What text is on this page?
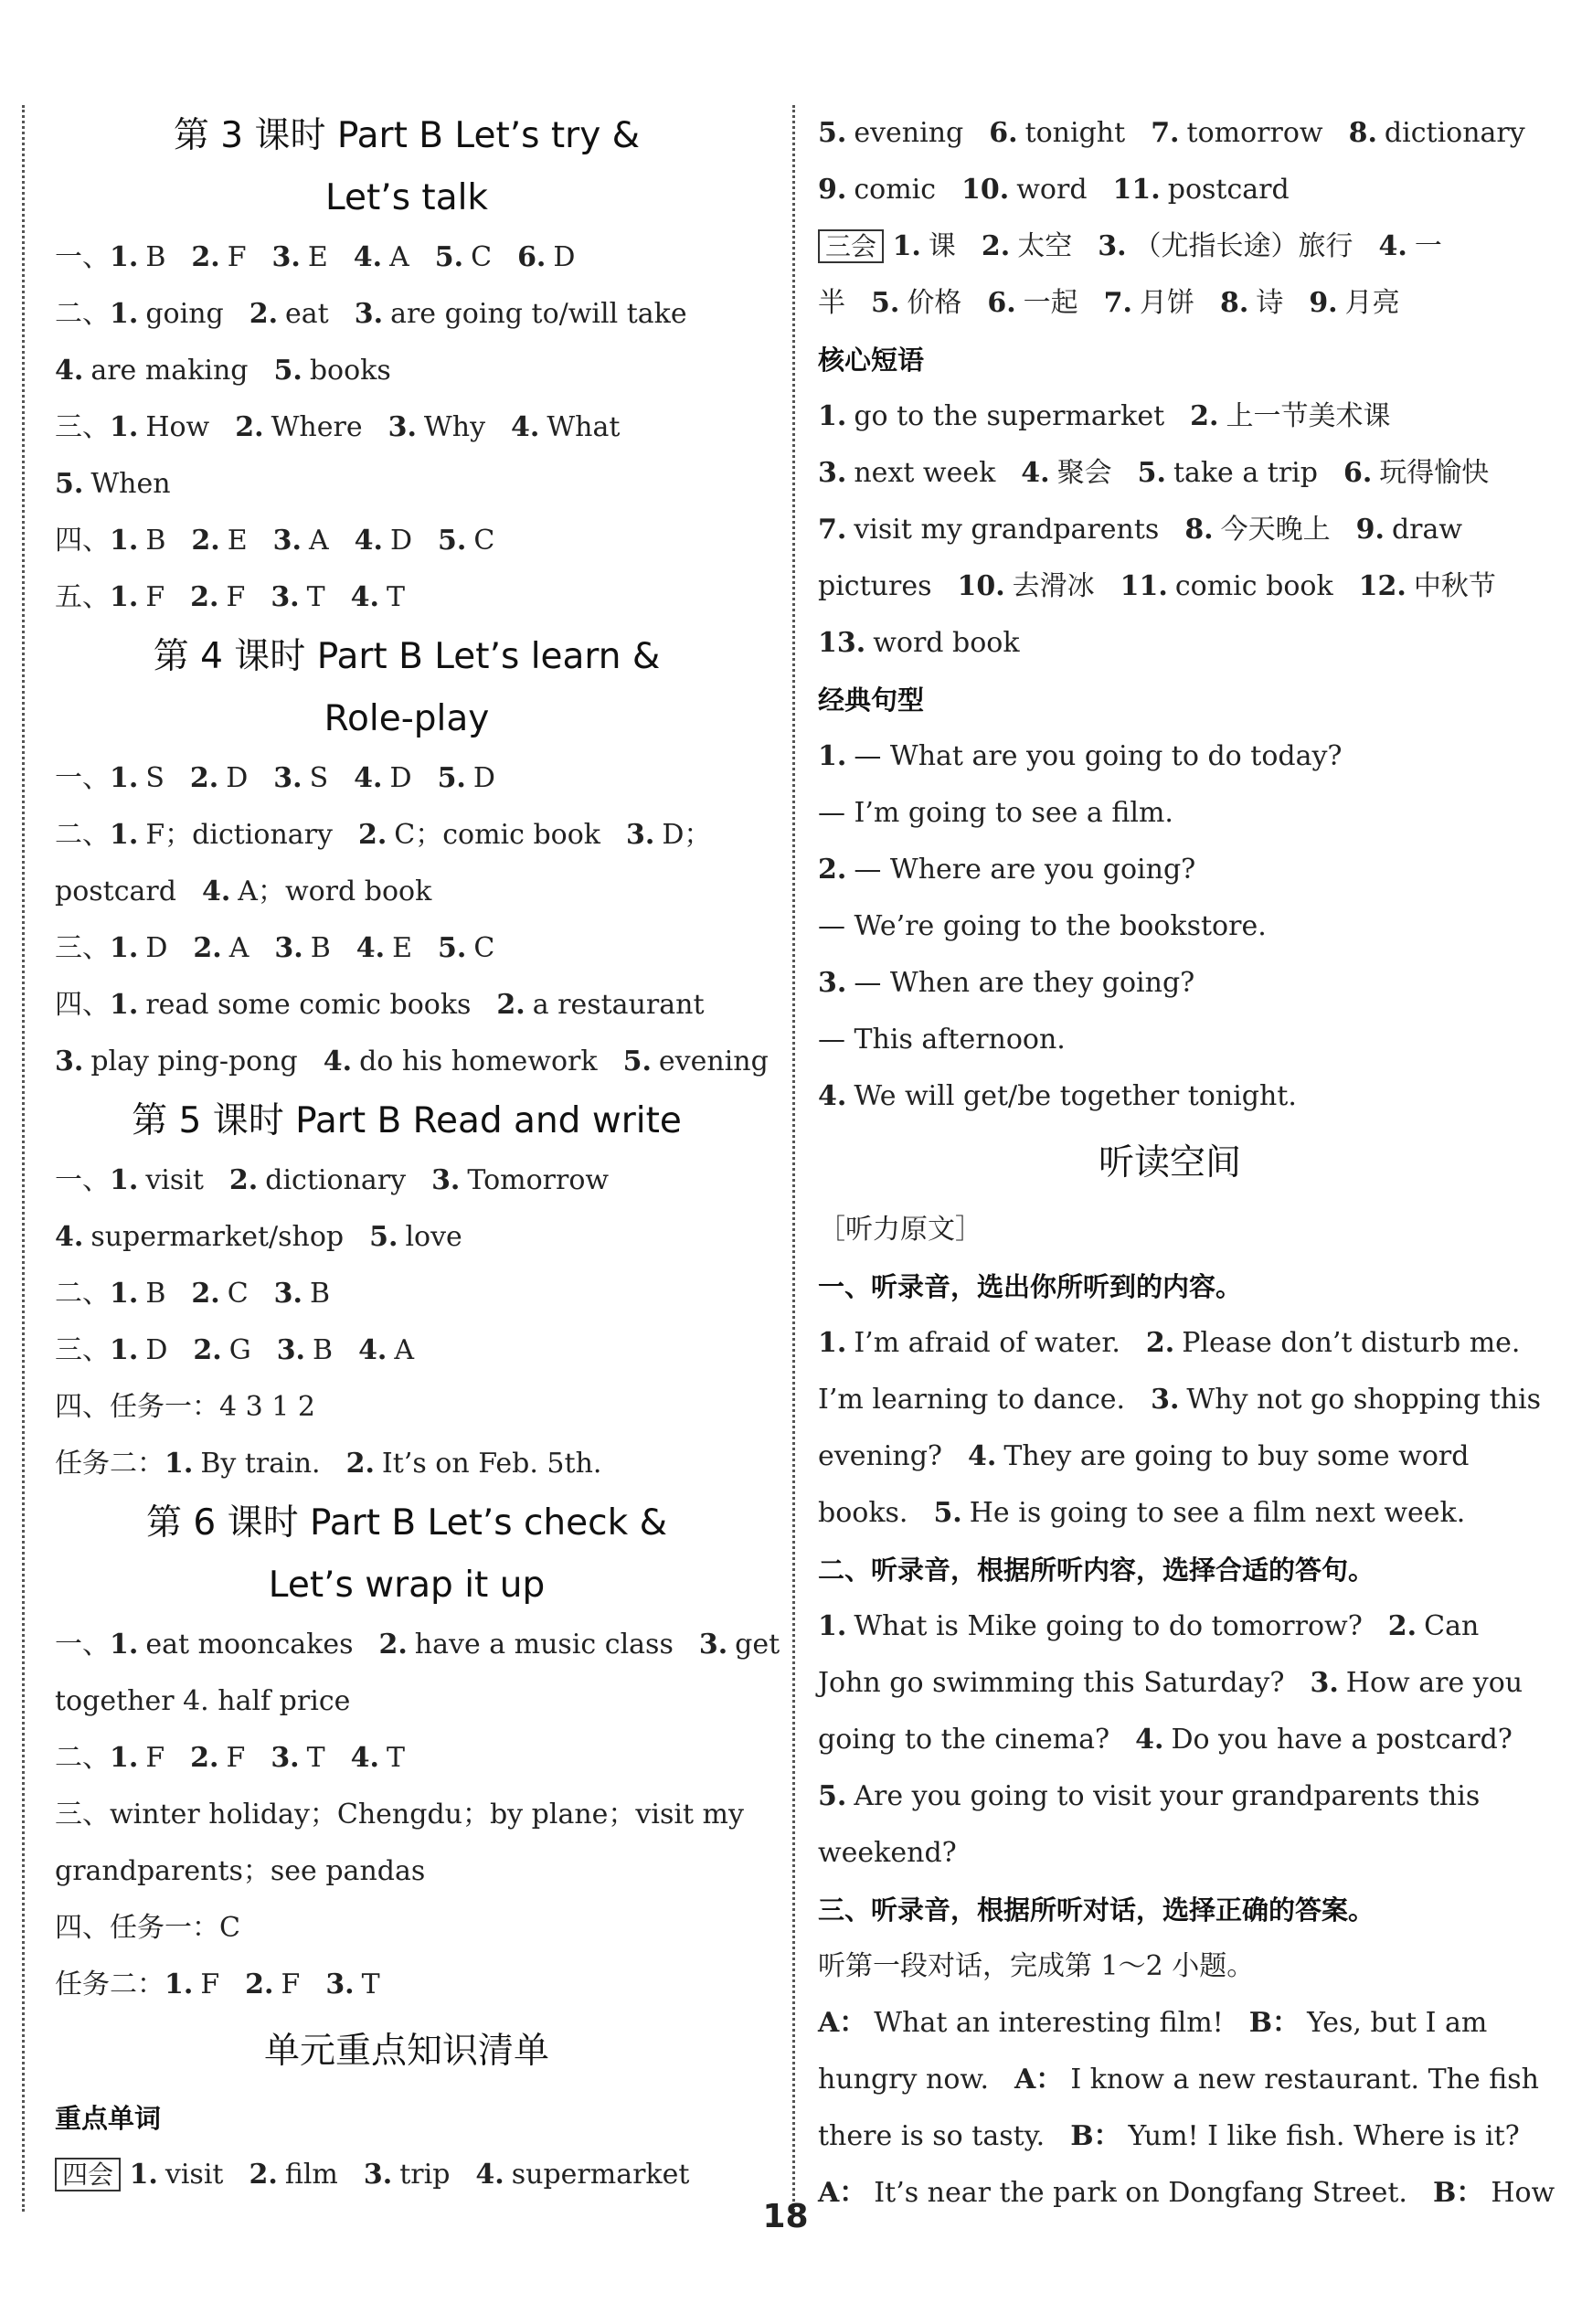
第 3 课时 Part B Let’s try &
Let’s talk
一、1. B 2. F 3. E 4. A 5. C 6. D
二、1. going 2. eat 3. are going to/will take
4. are making 5. books
三、1. How 2. Where 3. Why 4. What
5. When
四、1. B 2. E 3. A 4. D 5. C
五、1. F 2. F 3. T 4. T
第 4 课时 Part B Let’s learn &
Role-play
一、1. S 2. D 3. S 4. D 5. D
二、1. F；dictionary 2. C；comic book 3. D；
postcard 4. A；word book
三、1. D 2. A 3. B 4. E 5. C
四、1. read some comic books 2. a restaurant
3. play ping-pong 4. do his homework 5. evening
第 5 课时 Part B Read and write
一、1. visit 2. dictionary 3. Tomorrow
4. supermarket/shop 5. love
二、1. B 2. C 3. B
三、1. D 2. G 3. B 4. A
四、任务一：4 3 1 2
任务二：1. By train. 2. It’s on Feb. 5th.
第 6 课时 Part B Let’s check &
Let’s wrap it up
一、1. eat mooncakes 2. have a music class 3. get
together 4. half price
二、1. F 2. F 3. T 4. T
三、winter holiday；Chengdu；by plane；visit my
grandparents；see pandas
四、任务一：C
任务二：1. F 2. F 3. T
单元重点知识清单
重点单词
四会 1. visit 2. film 3. trip 4. supermarket
5. evening 6. tonight 7. tomorrow 8. dictionary
9. comic 10. word 11. postcard
三会 1. 课 2. 太空 3. （尤指长途）旅行 4. 一
半 5. 价格 6. 一起 7. 月饼 8. 诗 9. 月亮
核心短语
1. go to the supermarket 2. 上一节美术课
3. next week 4. 聚会 5. take a trip 6. 玩得愉快
7. visit my grandparents 8. 今天晚上 9. draw
pictures 10. 去滑冰 11. comic book 12. 中秋节
13. word book
经典句型
1. — What are you going to do today?
— I’m going to see a film.
2. — Where are you going?
— We’re going to the bookstore.
3. — When are they going?
— This afternoon.
4. We will get/be together tonight.
听读空间
［听力原文］
一、听录音，选出你所听到的内容。
1. I’m afraid of water. 2. Please don’t disturb me.
I’m learning to dance. 3. Why not go shopping this
evening? 4. They are going to buy some word
books. 5. He is going to see a film next week.
二、听录音，根据所听内容，选择合适的答句。
1. What is Mike going to do tomorrow? 2. Can
John go swimming this Saturday? 3. How are you
going to the cinema? 4. Do you have a postcard?
5. Are you going to visit your grandparents this
weekend?
三、听录音，根据所听对话，选择正确的答案。
听第一段对话，完成第 1～2 小题。
A： What an interesting film! B： Yes, but I am
hungry now. A： I know a new restaurant. The fish
there is so tasty. B： Yum! I like fish. Where is it?
A： It’s near the park on Dongfang Street. B： How
18
